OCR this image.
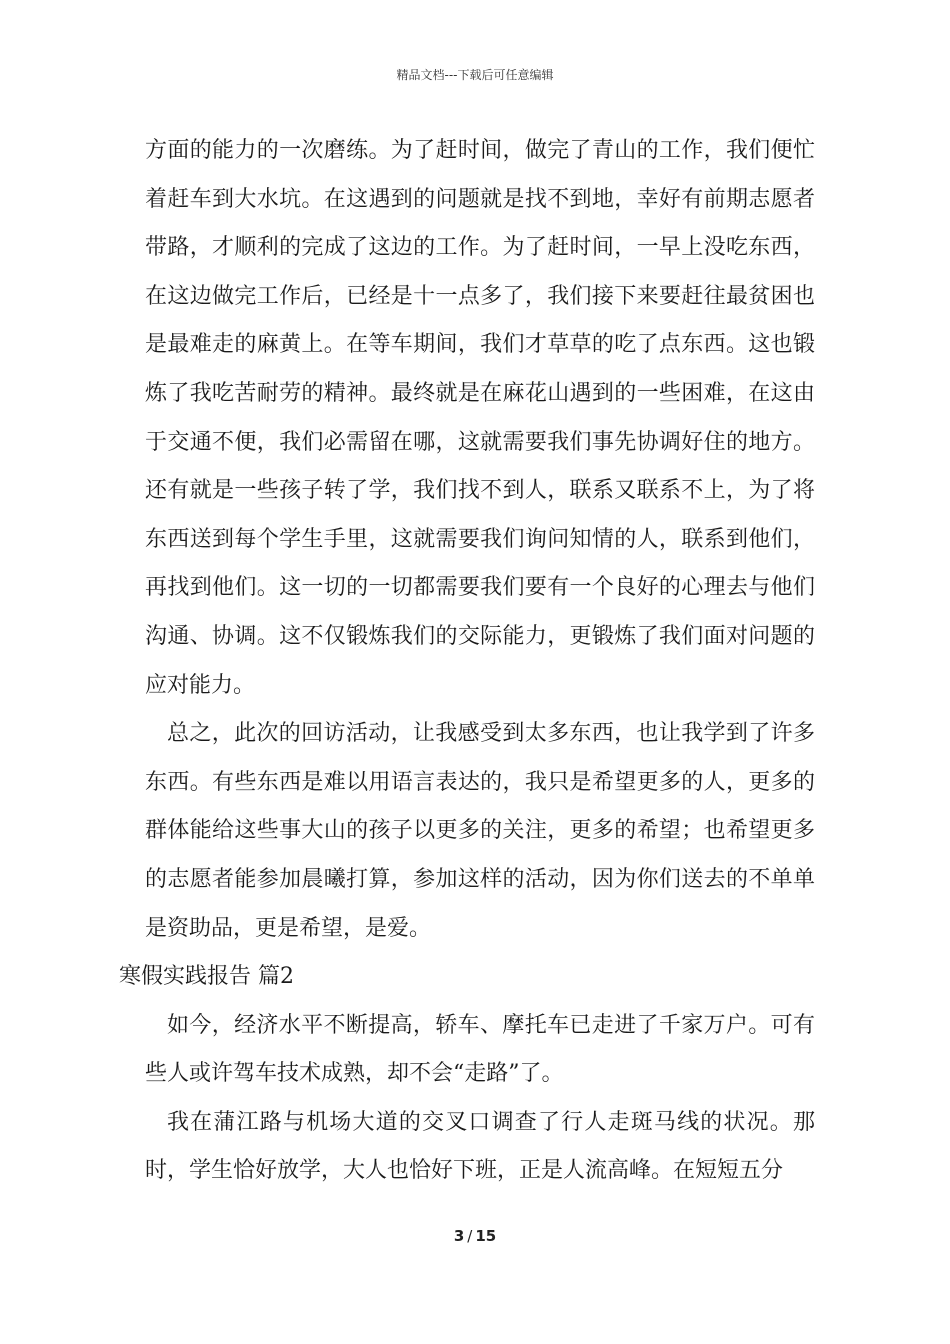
精品文档---下载后可任意编辑

方面的能力的一次磨练。为了赶时间，做完了青山的工作，我们便忙着赶车到大水坑。在这遇到的问题就是找不到地，幸好有前期志愿者带路，才顺利的完成了这边的工作。为了赶时间，一早上没吃东西，在这边做完工作后，已经是十一点多了，我们接下来要赶往最贫困也是最难走的麻黄上。在等车期间，我们才草草的吃了点东西。这也锻炼了我吃苦耐劳的精神。最终就是在麻花山遇到的一些困难，在这由于交通不便，我们必需留在哪，这就需要我们事先协调好住的地方。还有就是一些孩子转了学，我们找不到人，联系又联系不上，为了将东西送到每个学生手里，这就需要我们询问知情的人，联系到他们，再找到他们。这一切的一切都需要我们要有一个良好的心理去与他们沟通、协调。这不仅锻炼我们的交际能力，更锻炼了我们面对问题的应对能力。

总之，此次的回访活动，让我感受到太多东西，也让我学到了许多东西。有些东西是难以用语言表达的，我只是希望更多的人，更多的群体能给这些事大山的孩子以更多的关注，更多的希望；也希望更多的志愿者能参加晨曦打算，参加这样的活动，因为你们送去的不单单是资助品，更是希望，是爱。

寒假实践报告 篇2

如今，经济水平不断提高，轿车、摩托车已走进了千家万户。可有些人或许驾车技术成熟，却不会“走路”了。

我在蒲江路与机场大道的交叉口调查了行人走斑马线的状况。那时，学生恰好放学，大人也恰好下班，正是人流高峰。在短短五分

3 / 15
